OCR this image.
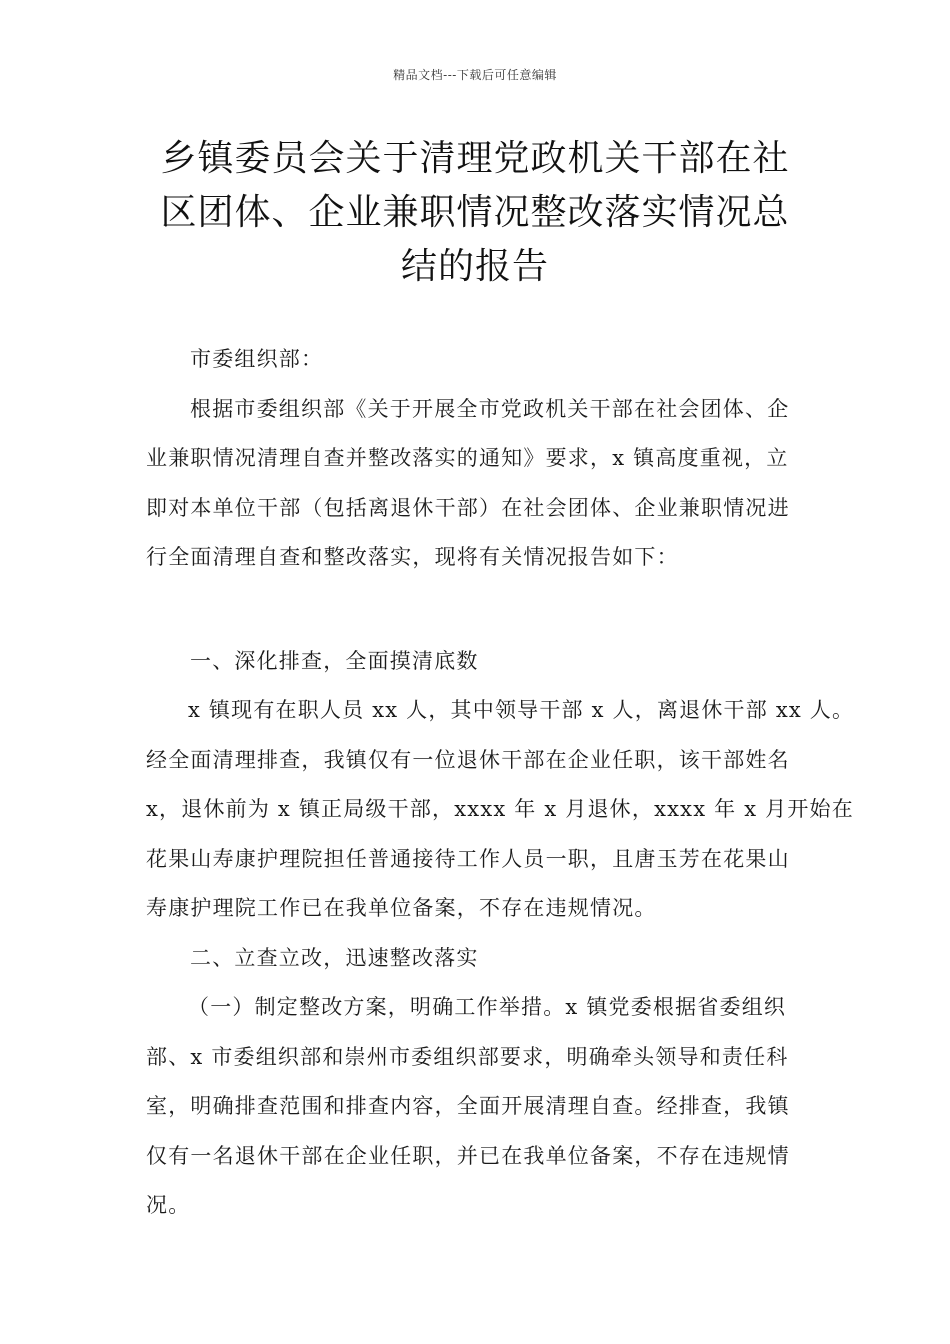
精品文档---下载后可任意编辑
乡镇委员会关于清理党政机关干部在社
区团体、企业兼职情况整改落实情况总
结的报告

市委组织部：

根据市委组织部《关于开展全市党政机关干部在社会团体、企
业兼职情况清理自查并整改落实的通知》要求，x 镇高度重视，立
即对本单位干部（包括离退休干部）在社会团体、企业兼职情况进
行全面清理自查和整改落实，现将有关情况报告如下：

一、深化排查，全面摸清底数

x 镇现有在职人员 xx 人，其中领导干部 x 人，离退休干部 xx 人。
经全面清理排查，我镇仅有一位退休干部在企业任职，该干部姓名
x，退休前为 x 镇正局级干部，xxxx 年 x 月退休，xxxx 年 x 月开始在
花果山寿康护理院担任普通接待工作人员一职，且唐玉芳在花果山
寿康护理院工作已在我单位备案，不存在违规情况。

二、立查立改，迅速整改落实

（一）制定整改方案，明确工作举措。x 镇党委根据省委组织
部、x 市委组织部和崇州市委组织部要求，明确牵头领导和责任科
室，明确排查范围和排查内容，全面开展清理自查。经排查，我镇
仅有一名退休干部在企业任职，并已在我单位备案，不存在违规情
况。
